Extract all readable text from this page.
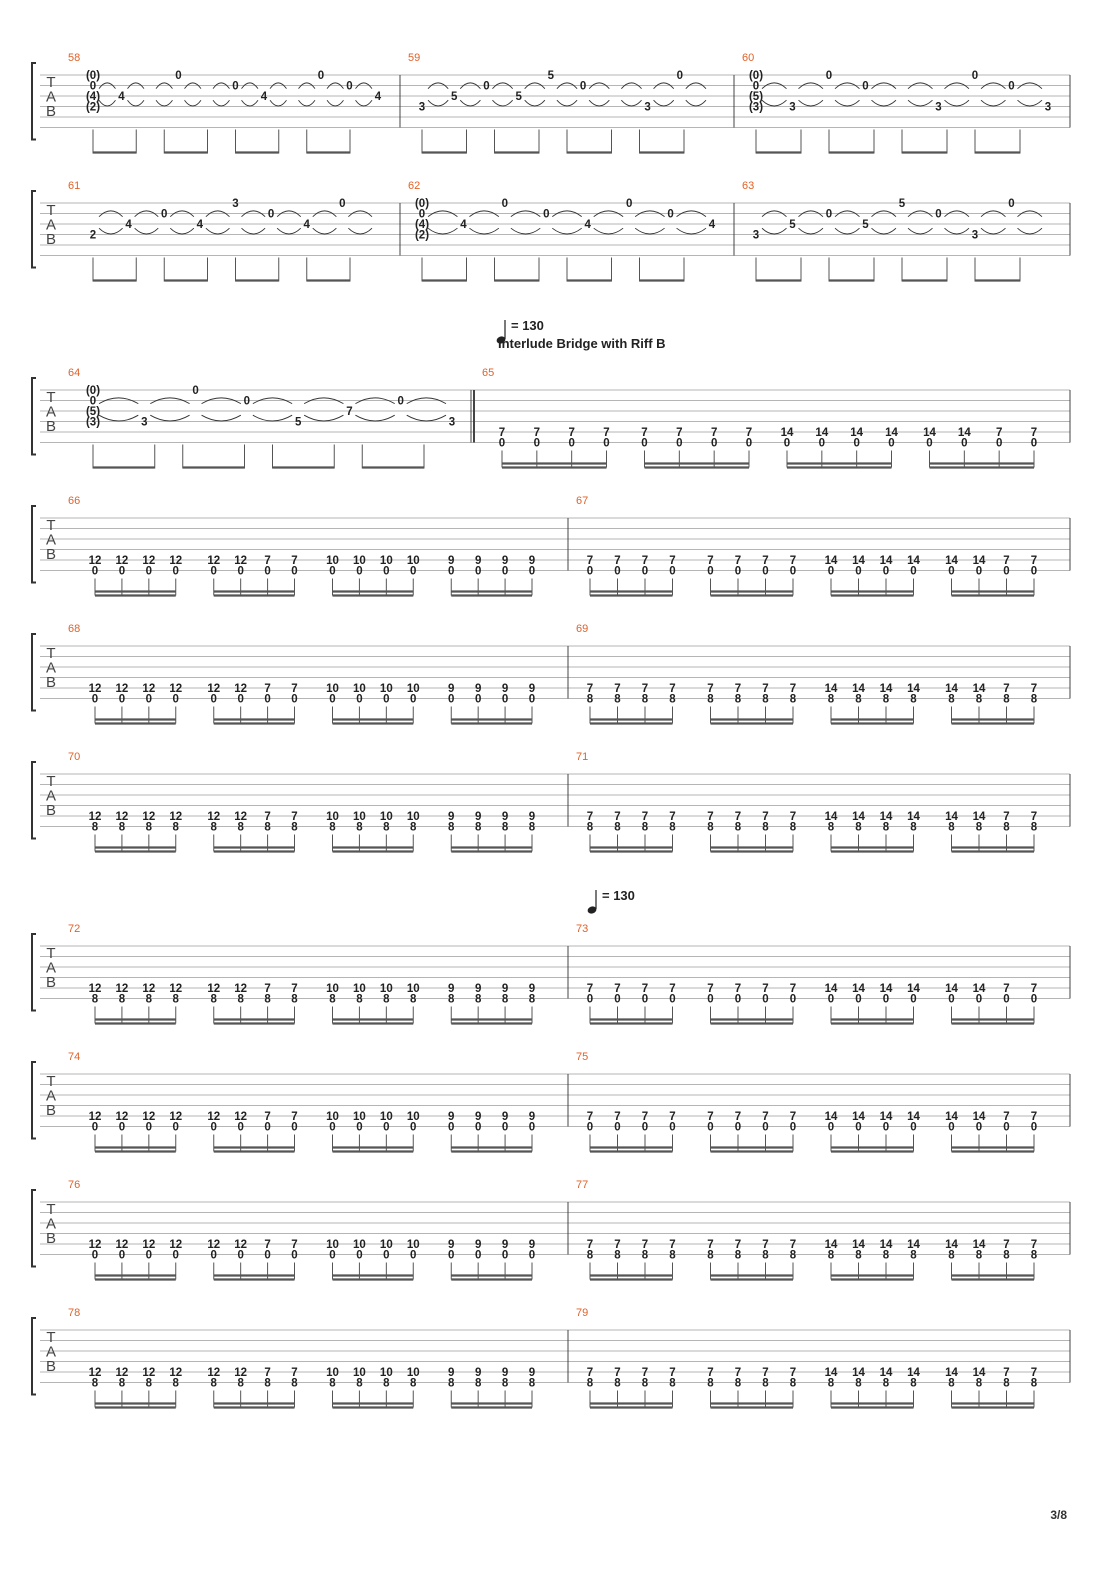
T
A
B
58
(0)
0
(4)
(2)
4
0
0
4
0
0
4
59
3
5
0
5
5
0
3
0
60
(0)
0
(5)
(3) 3
0
0
3
0
0
3
T
A
B
61
2
4
0
4
3
0
4
0
62
(0)
0
(4)
(2)
4
0
0
4
0
0
4
63
3
5
0
5
5
0
3
0
T
A
B
64
(0)
0
(5)
(3)	3
0
0
5
7
0
3
65
7
0
7
0
7
0
7
0
7
0
7
0
7
0
7
0
14
0
14
0
14
0
14
0
14
0
14
0
7
0
7
0
T
A
B
66
12
0
12
0
12
0
12
0
12
0
12
0
7
0
7
0
10
0
10
0
10
0
10
0
9
0
9
0
9
0
9
0
67
7
0
7
0
7
0
7
0
7
0
7
0
7
0
7
0
14
0
14
0
14
0
14
0
14
0
14
0
7
0
7
0
T
A
B
68
12
0
12
0
12
0
12
0
12
0
12
0
7
0
7
0
10
0
10
0
10
0
10
0
9
0
9
0
9
0
9
0
69
7
8
7
8
7
8
7
8
7
8
7
8
7
8
7
8
14
8
14
8
14
8
14
8
14
8
14
8
7
8
7
8
T
A
B
70
12
8
12
8
12
8
12
8
12
8
12
8
7
8
7
8
10
8
10
8
10
8
10
8
9
8
9
8
9
8
9
8
71
7
8
7
8
7
8
7
8
7
8
7
8
7
8
7
8
14
8
14
8
14
8
14
8
14
8
14
8
7
8
7
8
T
A
B
72
12
8
12
8
12
8
12
8
12
8
12
8
7
8
7
8
10
8
10
8
10
8
10
8
9
8
9
8
9
8
9
8
73
7
0
7
0
7
0
7
0
7
0
7
0
7
0
7
0
14
0
14
0
14
0
14
0
14
0
14
0
7
0
7
0
T
A
B
74
12
0
12
0
12
0
12
0
12
0
12
0
7
0
7
0
10
0
10
0
10
0
10
0
9
0
9
0
9
0
9
0
75
7
0
7
0
7
0
7
0
7
0
7
0
7
0
7
0
14
0
14
0
14
0
14
0
14
0
14
0
7
0
7
0
T
A
B
76
12
0
12
0
12
0
12
0
12
0
12
0
7
0
7
0
10
0
10
0
10
0
10
0
9
0
9
0
9
0
9
0
77
7
8
7
8
7
8
7
8
7
8
7
8
7
8
7
8
14
8
14
8
14
8
14
8
14
8
14
8
7
8
7
8
T
A
B
78
12
8
12
8
12
8
12
8
12
8
12
8
7
8
7
8
10
8
10
8
10
8
10
8
9
8
9
8
9
8
9
8
79
7
8
7
8
7
8
7
8
7
8
7
8
7
8
7
8
14
8
14
8
14
8
14
8
14
8
14
8
7
8
7
8
= 130
= 130
Interlude Bridge with Riff B
3/8
